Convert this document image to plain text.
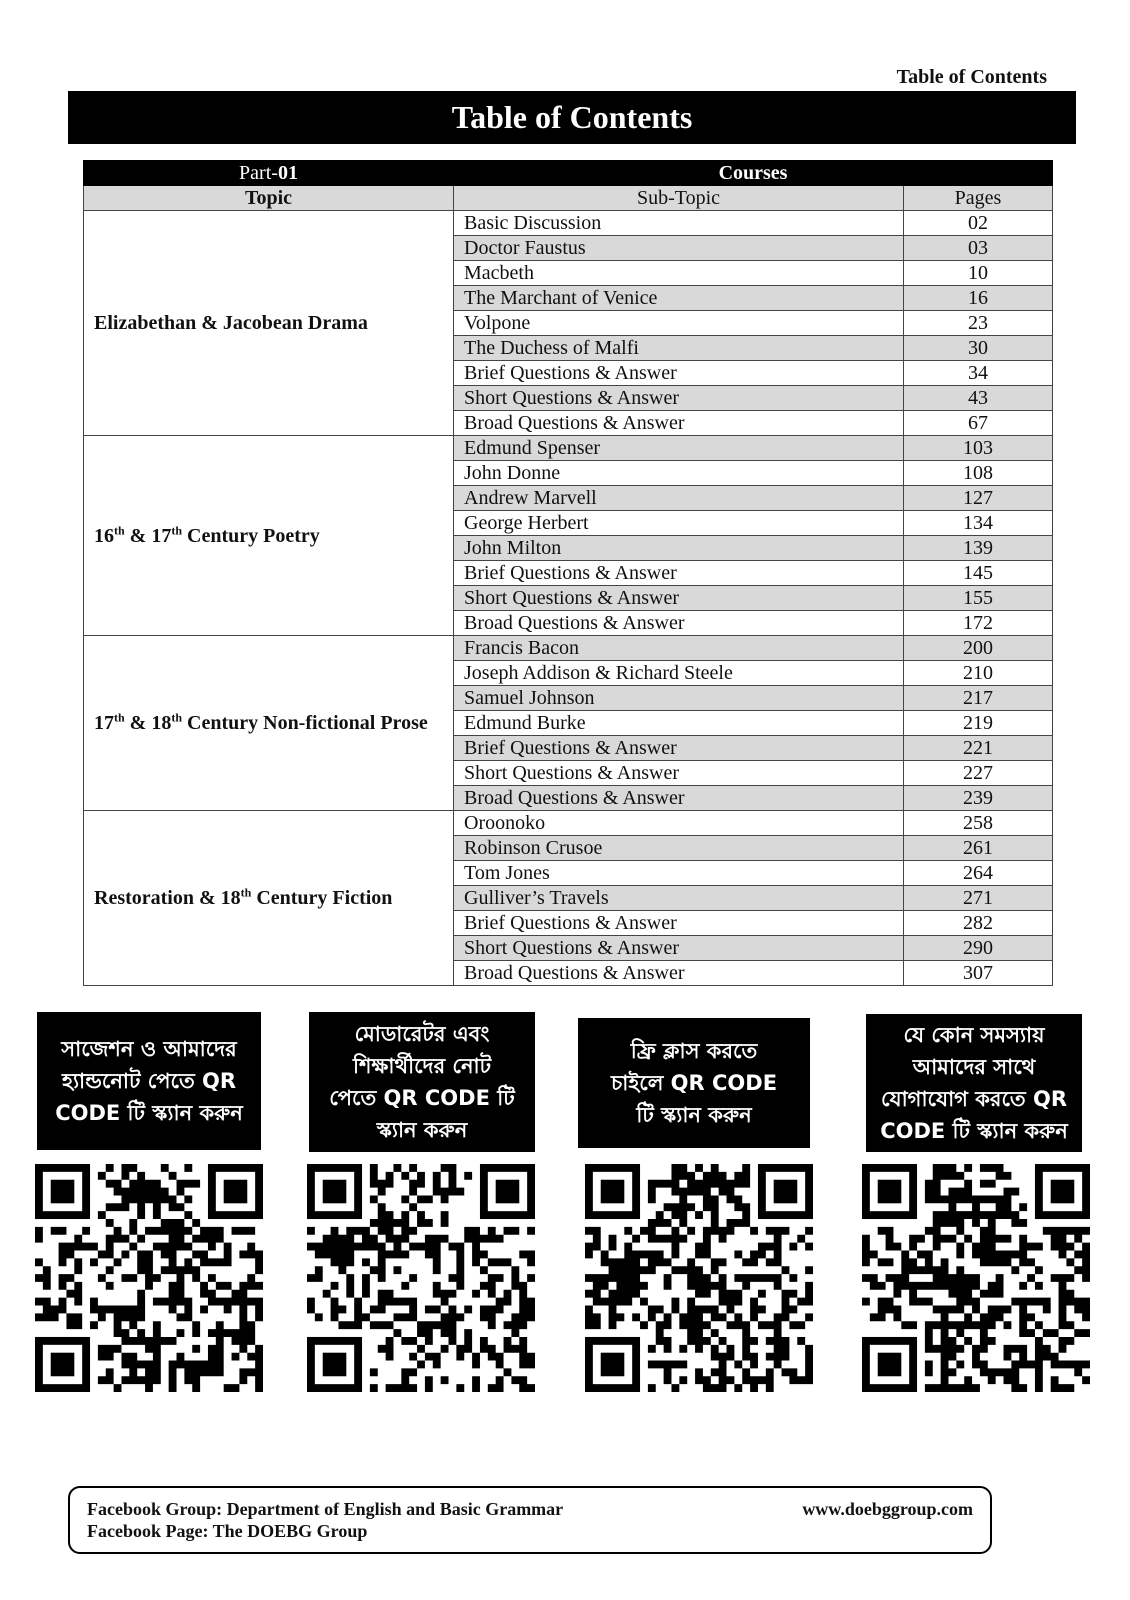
Table of Contents
Table of Contents
Part-01	Courses	
Topic	Sub-Topic	Pages
Elizabethan & Jacobean Drama	Basic Discussion	02
	Doctor Faustus	03
	Macbeth	10
	The Marchant of Venice	16
	Volpone	23
	The Duchess of Malfi	30
	Brief Questions & Answer	34
	Short Questions & Answer	43
	Broad Questions & Answer	67
16th & 17th Century Poetry	Edmund Spenser	103
	John Donne	108
	Andrew Marvell	127
	George Herbert	134
	John Milton	139
	Brief Questions & Answer	145
	Short Questions & Answer	155
	Broad Questions & Answer	172
17th & 18th Century Non-fictional Prose	Francis Bacon	200
	Joseph Addison & Richard Steele	210
	Samuel Johnson	217
	Edmund Burke	219
	Brief Questions & Answer	221
	Short Questions & Answer	227
	Broad Questions & Answer	239
Restoration & 18th Century Fiction	Oroonoko	258
	Robinson Crusoe	261
	Tom Jones	264
	Gulliver’s Travels	271
	Brief Questions & Answer	282
	Short Questions & Answer	290
	Broad Questions & Answer	307
সাজেশন ও আমাদের
হ্যান্ডনোট পেতে QR
CODE টি স্ক্যান করুন
মোডারেটর এবং
শিক্ষার্থীদের নোট
পেতে QR CODE টি
স্ক্যান করুন
ফ্রি ক্লাস করতে
চাইলে QR CODE
টি স্ক্যান করুন
যে কোন সমস্যায়
আমাদের সাথে
যোগাযোগ করতে QR
CODE টি স্ক্যান করুন
Facebook Group: Department of English and Basic Grammar	www.doebggroup.com
Facebook Page: The DOEBG Group
